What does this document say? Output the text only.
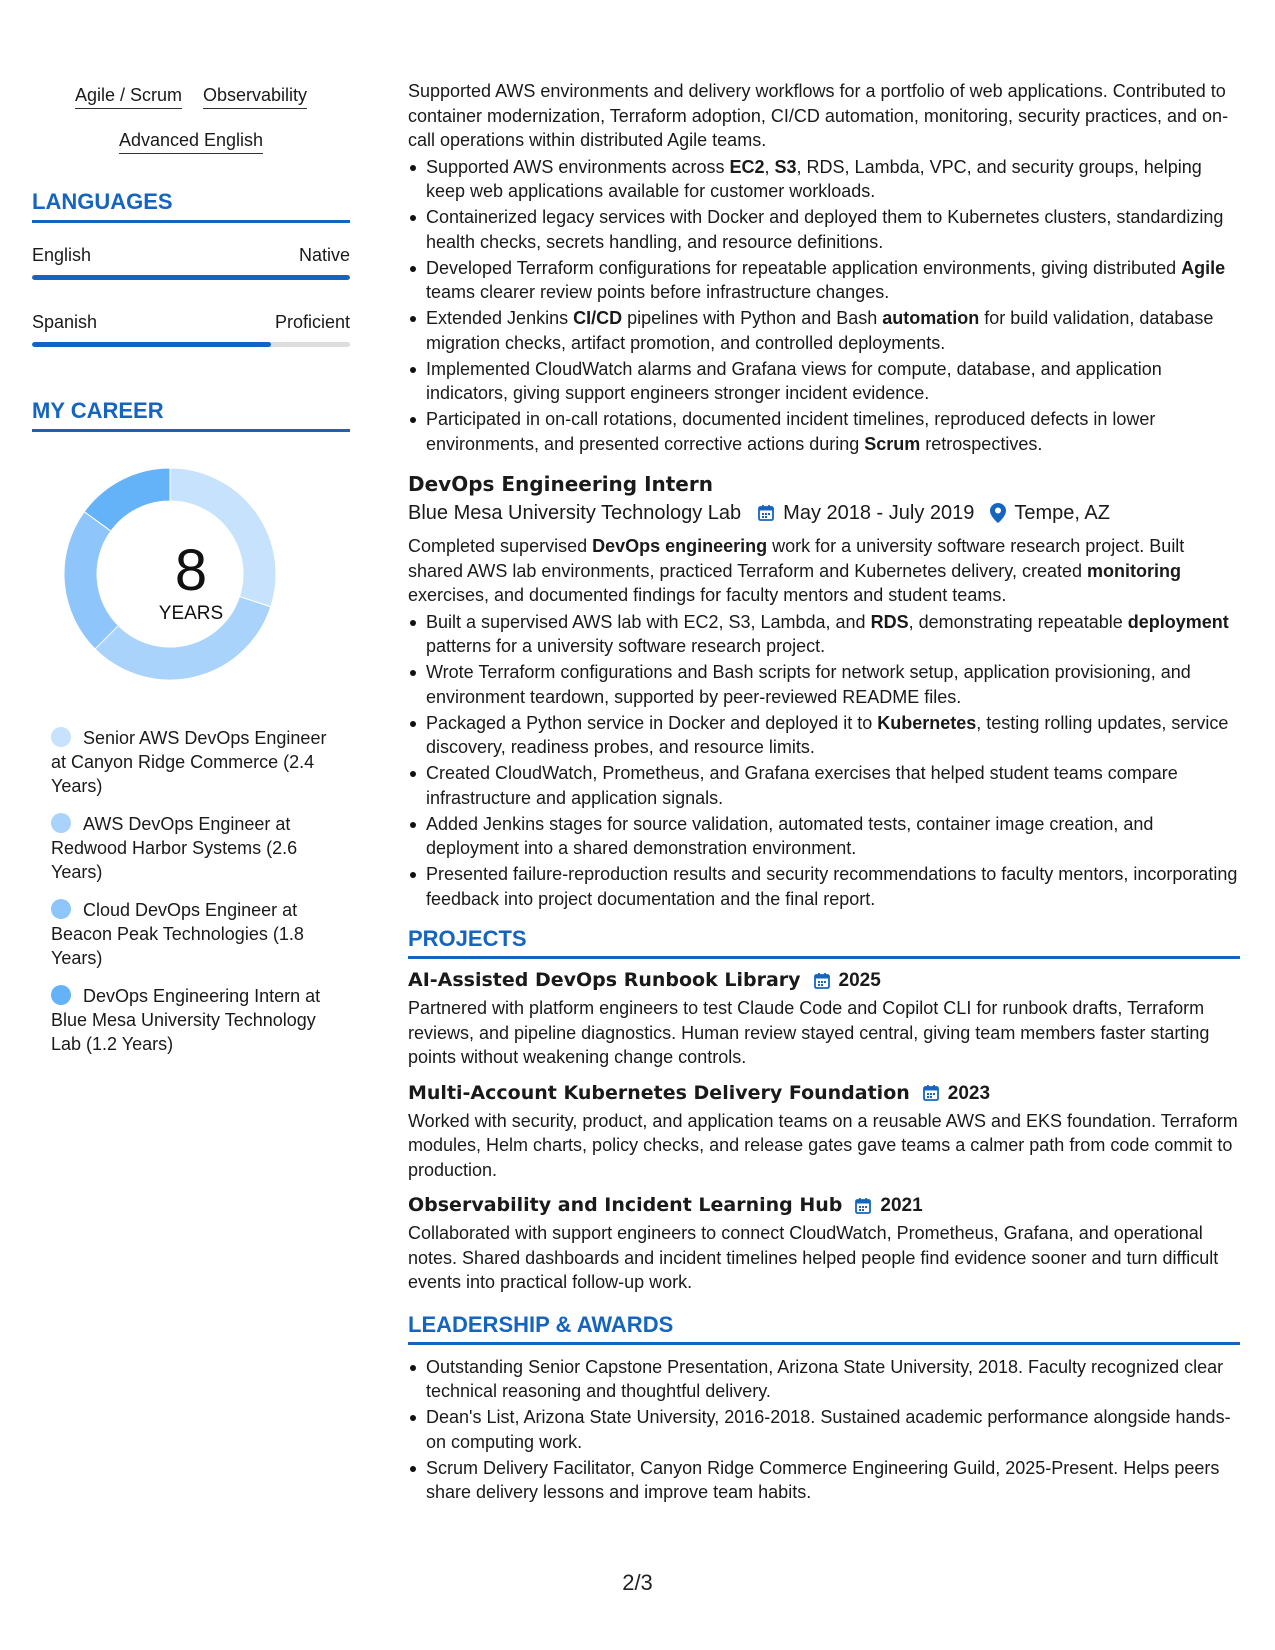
Agile / Scrum Observability
Advanced English
LANGUAGES
English	Native
Spanish	Proficient
MY CAREER
8
YEARS
Senior AWS DevOps Engineer at Canyon Ridge Commerce (2.4 Years)
AWS DevOps Engineer at Redwood Harbor Systems (2.6 Years)
Cloud DevOps Engineer at Beacon Peak Technologies (1.8 Years)
DevOps Engineering Intern at Blue Mesa University Technology Lab (1.2 Years)
Supported AWS environments and delivery workflows for a portfolio of web applications. Contributed to container modernization, Terraform adoption, CI/CD automation, monitoring, security practices, and on-call operations within distributed Agile teams.
Supported AWS environments across EC2, S3, RDS, Lambda, VPC, and security groups, helping keep web applications available for customer workloads.
Containerized legacy services with Docker and deployed them to Kubernetes clusters, standardizing health checks, secrets handling, and resource definitions.
Developed Terraform configurations for repeatable application environments, giving distributed Agile teams clearer review points before infrastructure changes.
Extended Jenkins CI/CD pipelines with Python and Bash automation for build validation, database migration checks, artifact promotion, and controlled deployments.
Implemented CloudWatch alarms and Grafana views for compute, database, and application indicators, giving support engineers stronger incident evidence.
Participated in on-call rotations, documented incident timelines, reproduced defects in lower environments, and presented corrective actions during Scrum retrospectives.
DevOps Engineering Intern
Blue Mesa University Technology Lab May 2018 - July 2019 Tempe, AZ
Completed supervised DevOps engineering work for a university software research project. Built shared AWS lab environments, practiced Terraform and Kubernetes delivery, created monitoring exercises, and documented findings for faculty mentors and student teams.
Built a supervised AWS lab with EC2, S3, Lambda, and RDS, demonstrating repeatable deployment patterns for a university software research project.
Wrote Terraform configurations and Bash scripts for network setup, application provisioning, and environment teardown, supported by peer-reviewed README files.
Packaged a Python service in Docker and deployed it to Kubernetes, testing rolling updates, service discovery, readiness probes, and resource limits.
Created CloudWatch, Prometheus, and Grafana exercises that helped student teams compare infrastructure and application signals.
Added Jenkins stages for source validation, automated tests, container image creation, and deployment into a shared demonstration environment.
Presented failure-reproduction results and security recommendations to faculty mentors, incorporating feedback into project documentation and the final report.
PROJECTS
AI-Assisted DevOps Runbook Library 2025
Partnered with platform engineers to test Claude Code and Copilot CLI for runbook drafts, Terraform reviews, and pipeline diagnostics. Human review stayed central, giving team members faster starting points without weakening change controls.
Multi-Account Kubernetes Delivery Foundation 2023
Worked with security, product, and application teams on a reusable AWS and EKS foundation. Terraform modules, Helm charts, policy checks, and release gates gave teams a calmer path from code commit to production.
Observability and Incident Learning Hub 2021
Collaborated with support engineers to connect CloudWatch, Prometheus, Grafana, and operational notes. Shared dashboards and incident timelines helped people find evidence sooner and turn difficult events into practical follow-up work.
LEADERSHIP & AWARDS
Outstanding Senior Capstone Presentation, Arizona State University, 2018. Faculty recognized clear technical reasoning and thoughtful delivery.
Dean's List, Arizona State University, 2016-2018. Sustained academic performance alongside hands-on computing work.
Scrum Delivery Facilitator, Canyon Ridge Commerce Engineering Guild, 2025-Present. Helps peers share delivery lessons and improve team habits.
2/3
